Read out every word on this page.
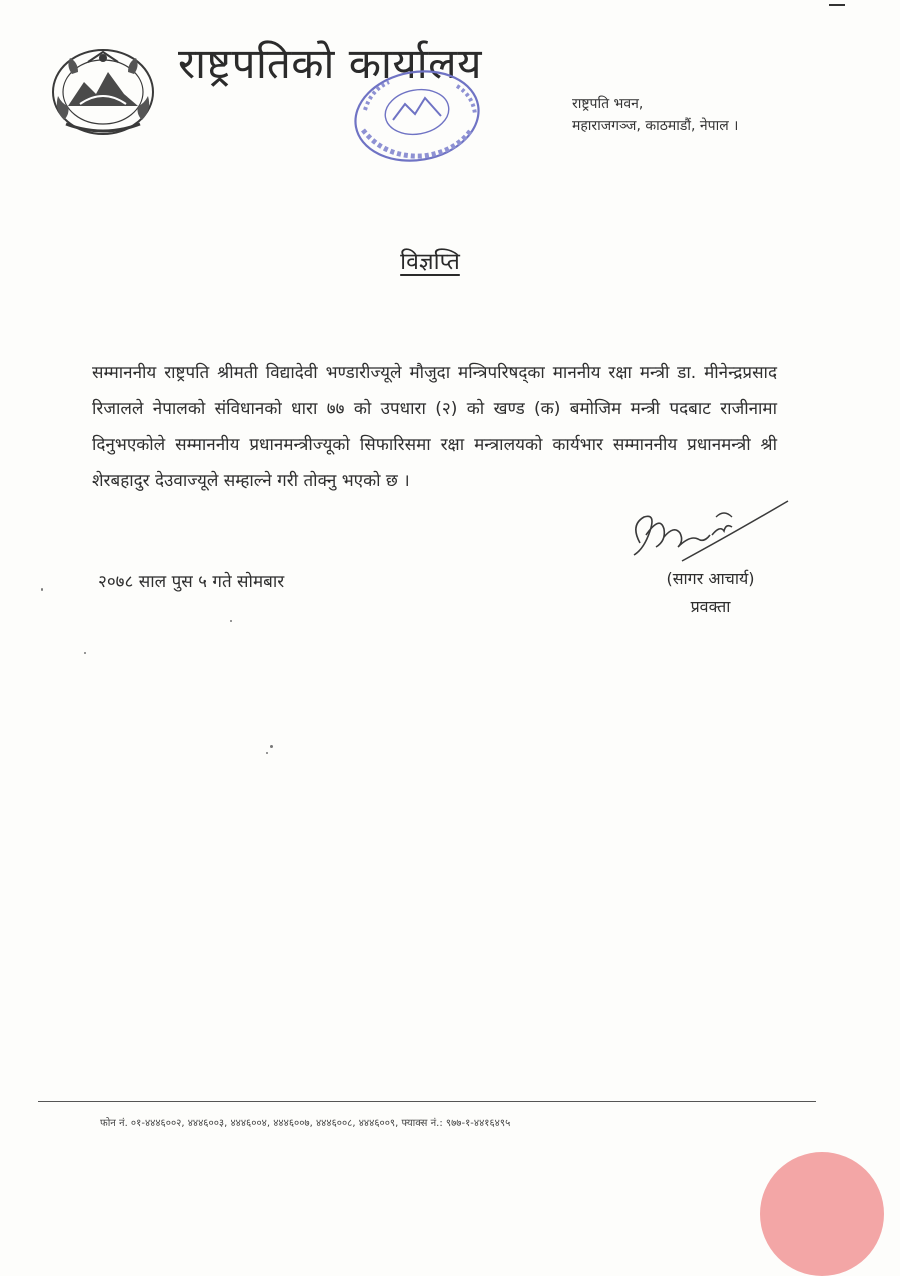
राष्ट्रपतिको कार्यालय
राष्ट्रपति भवन,
महाराजगञ्ज, काठमाडौं, नेपाल ।
विज्ञप्ति

सम्माननीय राष्ट्रपति श्रीमती विद्यादेवी भण्डारीज्यूले मौजुदा मन्त्रिपरिषद्का माननीय रक्षा मन्त्री डा. मीनेन्द्रप्रसाद रिजालले नेपालको संविधानको धारा ७७ को उपधारा (२) को खण्ड (क) बमोजिम मन्त्री पदबाट राजीनामा दिनुभएकोले सम्माननीय प्रधानमन्त्रीज्यूको सिफारिसमा रक्षा मन्त्रालयको कार्यभार सम्माननीय प्रधानमन्त्री श्री शेरबहादुर देउवाज्यूले सम्हाल्ने गरी तोक्नु भएको छ ।

२०७८ साल पुस ५ गते सोमबार	(सागर आचार्य)
प्रवक्ता
फोन नं. ०१-४४४६००२, ४४४६००३, ४४४६००४, ४४४६००७, ४४४६००८, ४४४६००९, फ्याक्स नं.: ९७७-१-४४१६४९५
